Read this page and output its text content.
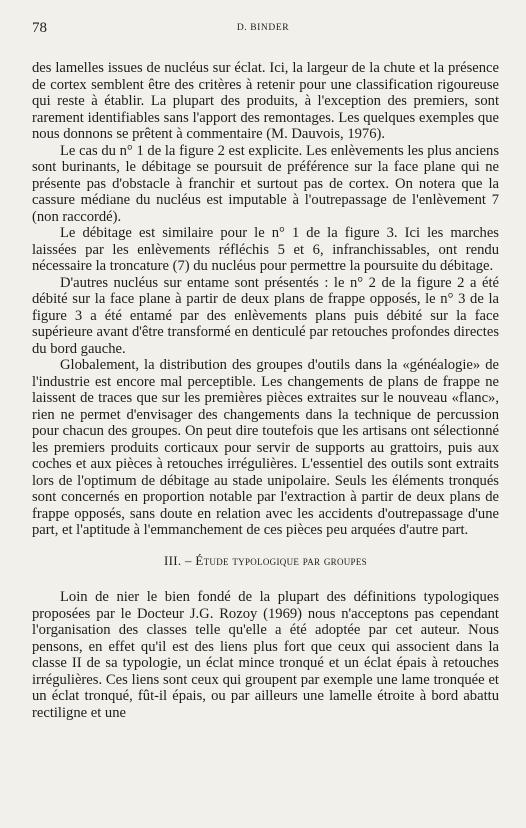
78	D. BINDER

des lamelles issues de nucléus sur éclat. Ici, la largeur de la chute et la présence de cortex semblent être des critères à retenir pour une classification rigoureuse qui reste à établir. La plupart des produits, à l'exception des premiers, sont rarement identifiables sans l'apport des remontages. Les quelques exemples que nous donnons se prêtent à commentaire (M. Dauvois, 1976).

Le cas du n° 1 de la figure 2 est explicite. Les enlèvements les plus anciens sont burinants, le débitage se poursuit de préférence sur la face plane qui ne présente pas d'obstacle à franchir et surtout pas de cortex. On notera que la cassure médiane du nucléus est imputable à l'outrepassage de l'enlèvement 7 (non raccordé).

Le débitage est similaire pour le n° 1 de la figure 3. Ici les marches laissées par les enlèvements réfléchis 5 et 6, infranchissables, ont rendu nécessaire la troncature (7) du nucléus pour permettre la poursuite du débitage.

D'autres nucléus sur entame sont présentés : le n° 2 de la figure 2 a été débité sur la face plane à partir de deux plans de frappe opposés, le n° 3 de la figure 3 a été entamé par des enlèvements plans puis débité sur la face supérieure avant d'être transformé en denticulé par retouches profondes directes du bord gauche.

Globalement, la distribution des groupes d'outils dans la «généalogie» de l'industrie est encore mal perceptible. Les changements de plans de frappe ne laissent de traces que sur les premières pièces extraites sur le nouveau «flanc», rien ne permet d'envisager des changements dans la technique de percussion pour chacun des groupes. On peut dire toutefois que les artisans ont sélectionné les premiers produits corticaux pour servir de supports au grattoirs, puis aux coches et aux pièces à retouches irrégulières. L'essentiel des outils sont extraits lors de l'optimum de débitage au stade unipolaire. Seuls les éléments tronqués sont concernés en proportion notable par l'extraction à partir de deux plans de frappe opposés, sans doute en relation avec les accidents d'outrepassage d'une part, et l'aptitude à l'emmanchement de ces pièces peu arquées d'autre part.

III. – Étude typologique par groupes

Loin de nier le bien fondé de la plupart des définitions typologiques proposées par le Docteur J.G. Rozoy (1969) nous n'acceptons pas cependant l'organisation des classes telle qu'elle a été adoptée par cet auteur. Nous pensons, en effet qu'il est des liens plus fort que ceux qui associent dans la classe II de sa typologie, un éclat mince tronqué et un éclat épais à retouches irrégulières. Ces liens sont ceux qui groupent par exemple une lame tronquée et un éclat tronqué, fût-il épais, ou par ailleurs une lamelle étroite à bord abattu rectiligne et une
